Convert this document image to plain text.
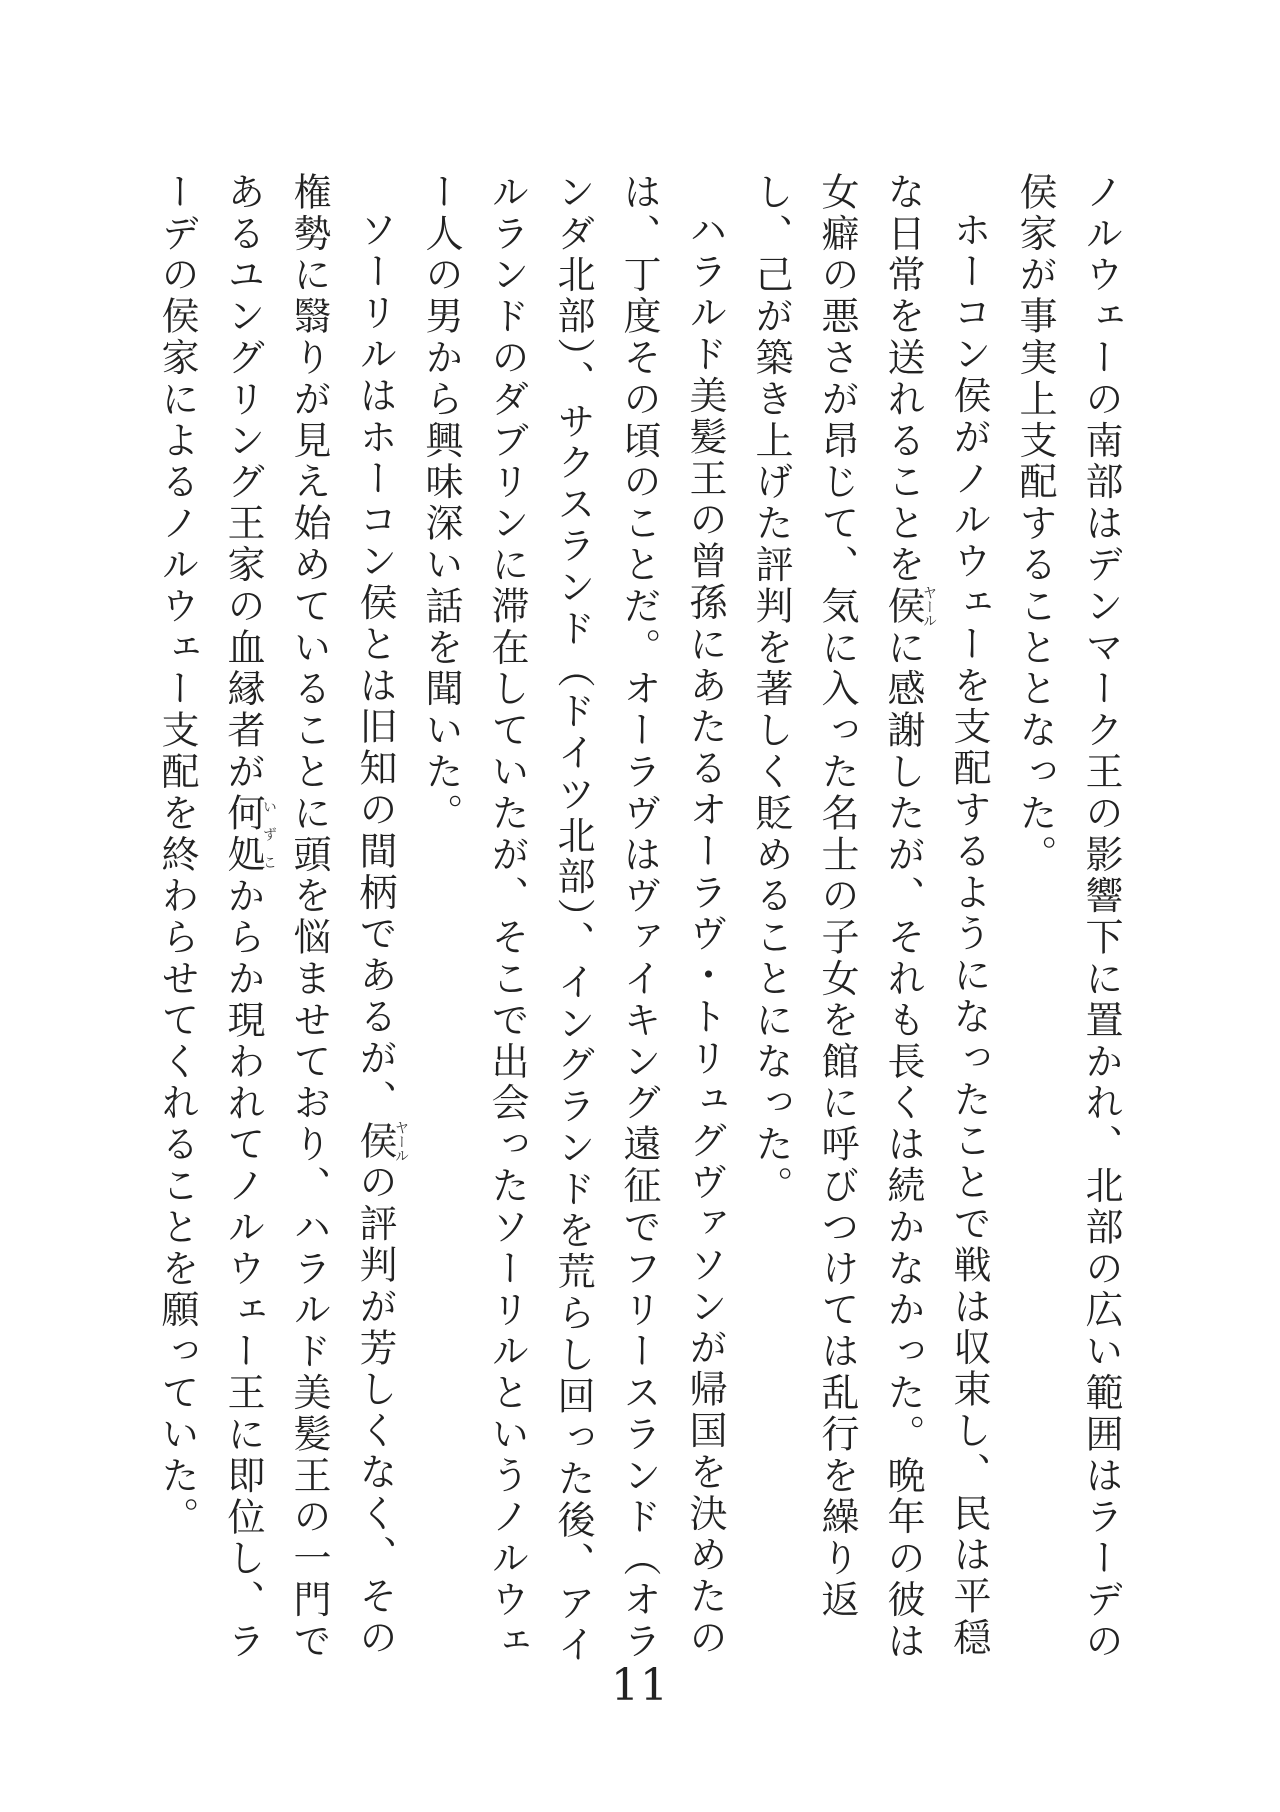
ノルウェーの南部はデンマーク王の影響下に置かれ、北部の広い範囲はラーデの侯家が事実上支配することとなった。

ホーコン侯がノルウェーを支配するようになったことで戦は収束し、民は平穏な日常を送れることを侯ヤールに感謝したが、それも長くは続かなかった。晩年の彼は女癖の悪さが昂じて、気に入った名士の子女を館に呼びつけては乱行を繰り返し、己が築き上げた評判を著しく貶めることになった。

ハラルド美髪王の曾孫にあたるオーラヴ・トリュグヴァソンが帰国を決めたのは、丁度その頃のことだ。オーラヴはヴァイキング遠征でフリースランド（オランダ北部）、サクスランド（ドイツ北部）、イングランドを荒らし回った後、アイルランドのダブリンに滞在していたが、そこで出会ったソーリルというノルウェー人の男から興味深い話を聞いた。

ソーリルはホーコン侯とは旧知の間柄であるが、侯ヤールの評判が芳しくなく、その権勢に翳りが見え始めていることに頭を悩ませており、ハラルド美髪王の一門であるユングリング王家の血縁者が何処いずこからか現われてノルウェー王に即位し、ラーデの侯家によるノルウェー支配を終わらせてくれることを願っていた。

11
